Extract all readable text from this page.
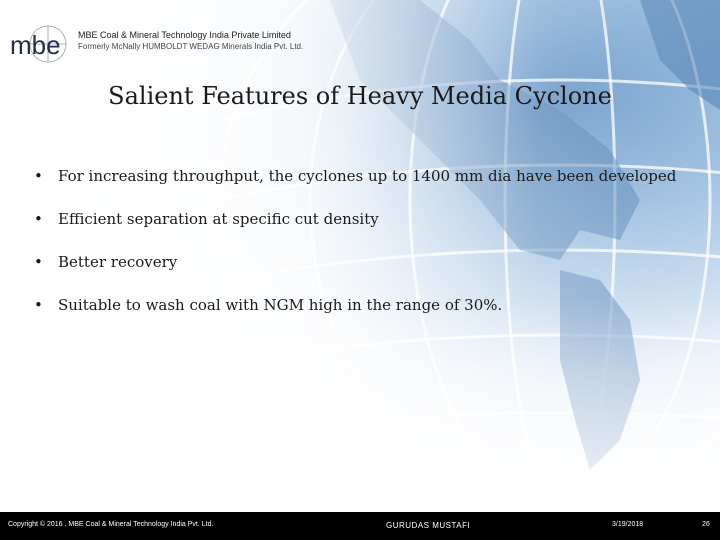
mbe MBE Coal & Mineral Technology India Private Limited
Formerly McNally HUMBOLDT WEDAG Minerals India Pvt. Ltd.
Salient Features of Heavy Media Cyclone
• For increasing throughput, the cyclones up to 1400 mm dia have been developed
• Efficient separation at specific cut density
• Better recovery
• Suitable to wash coal with NGM high in the range of 30%.
Copyright © 2016 . MBE Coal & Mineral Technology India Pvt. Ltd.	GURUDAS MUSTAFI	3/19/2018	26
